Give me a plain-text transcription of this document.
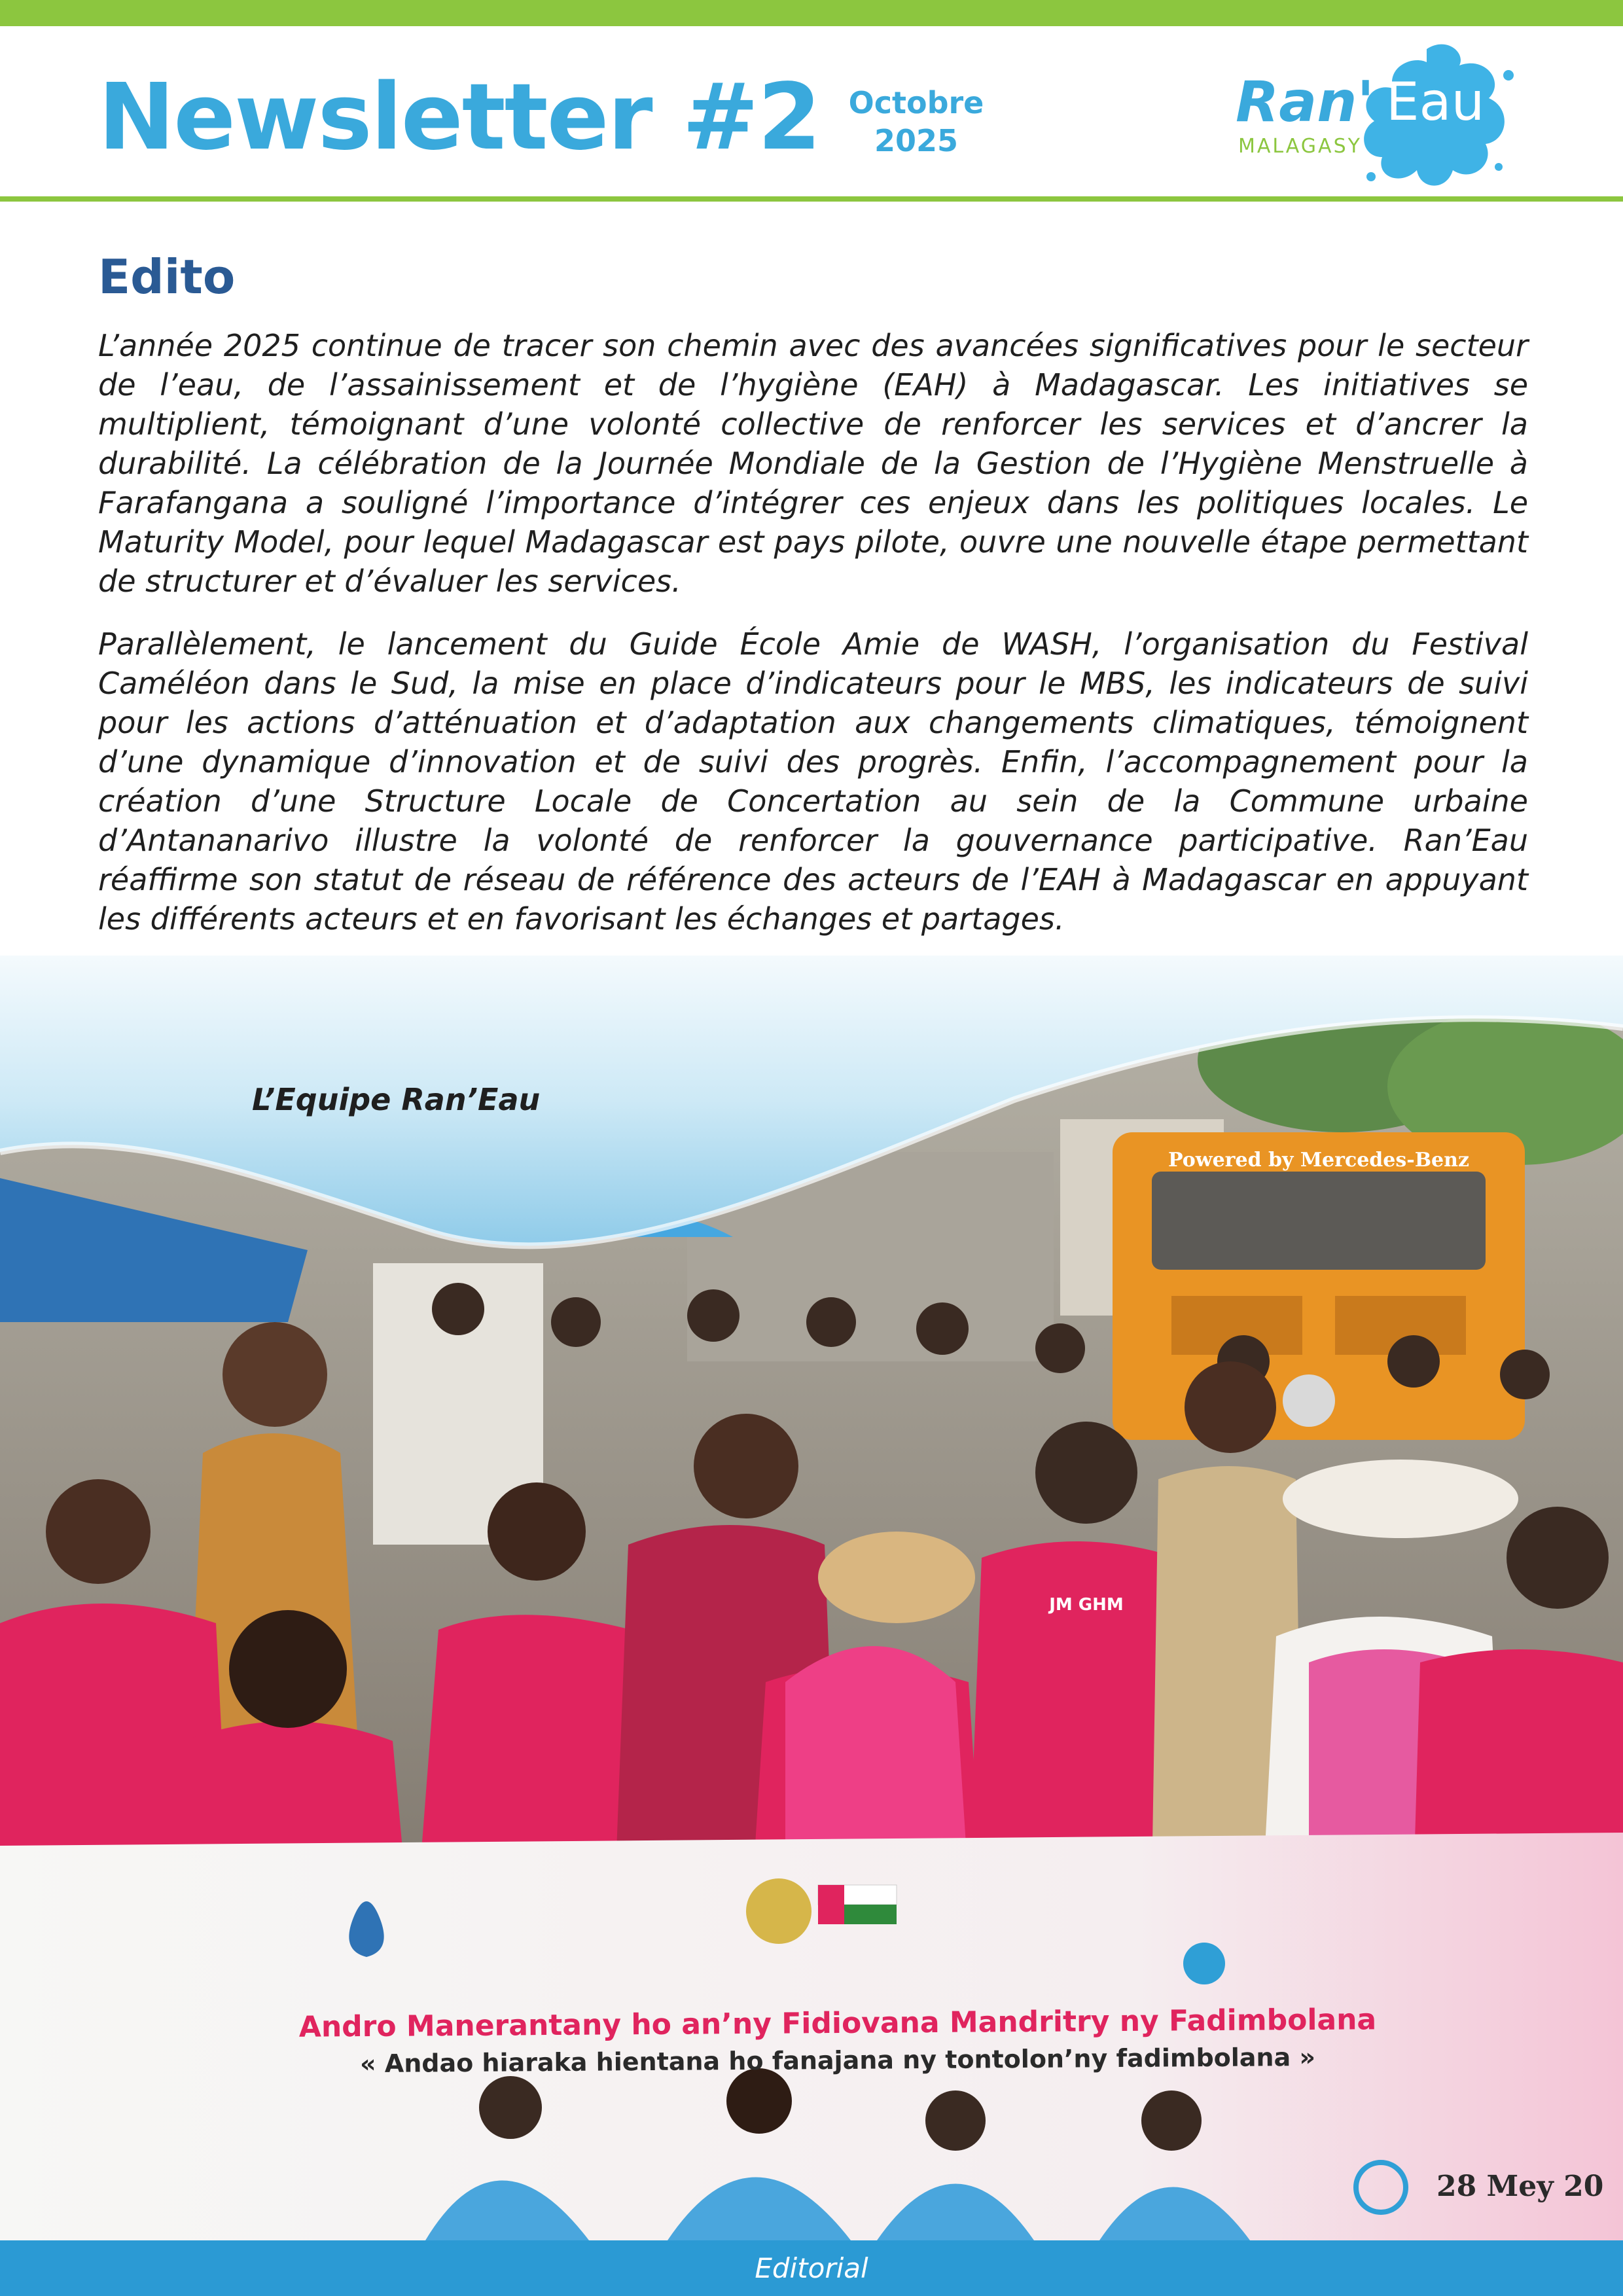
Newsletter #2 Octobre
2025
Ran' Eau
MALAGASY
Edito

L’année 2025 continue de tracer son chemin avec des avancées significatives pour le secteur de l’eau, de l’assainissement et de l’hygiène (EAH) à Madagascar. Les initiatives se multiplient, témoignant d’une volonté collective de renforcer les services et d’ancrer la durabilité. La célébration de la Journée Mondiale de la Gestion de l’Hygiène Menstruelle à Farafangana a souligné l’importance d’intégrer ces enjeux dans les politiques locales. Le Maturity Model, pour lequel Madagascar est pays pilote, ouvre une nouvelle étape permettant de structurer et d’évaluer les services.

Parallèlement, le lancement du Guide École Amie de WASH, l’organisation du Festival Caméléon dans le Sud, la mise en place d’indicateurs pour le MBS, les indicateurs de suivi pour les actions d’atténuation et d’adaptation aux changements climatiques, témoignent d’une dynamique d’innovation et de suivi des progrès. Enfin, l’accompagnement pour la création d’une Structure Locale de Concertation au sein de la Commune urbaine d’Antananarivo illustre la volonté de renforcer la gouvernance participative. Ran’Eau réaffirme son statut de réseau de référence des acteurs de l’EAH à Madagascar en appuyant les différents acteurs et en favorisant les échanges et partages.

Powered by Mercedes-Benz
JM GHM
L’Equipe Ran’Eau
Andro Manerantany ho an’ny Fidiovana Mandritry ny Fadimbolana
« Andao hiaraka hientana ho fanajana ny tontolon’ny fadimbolana »
28 Mey 20
Editorial
